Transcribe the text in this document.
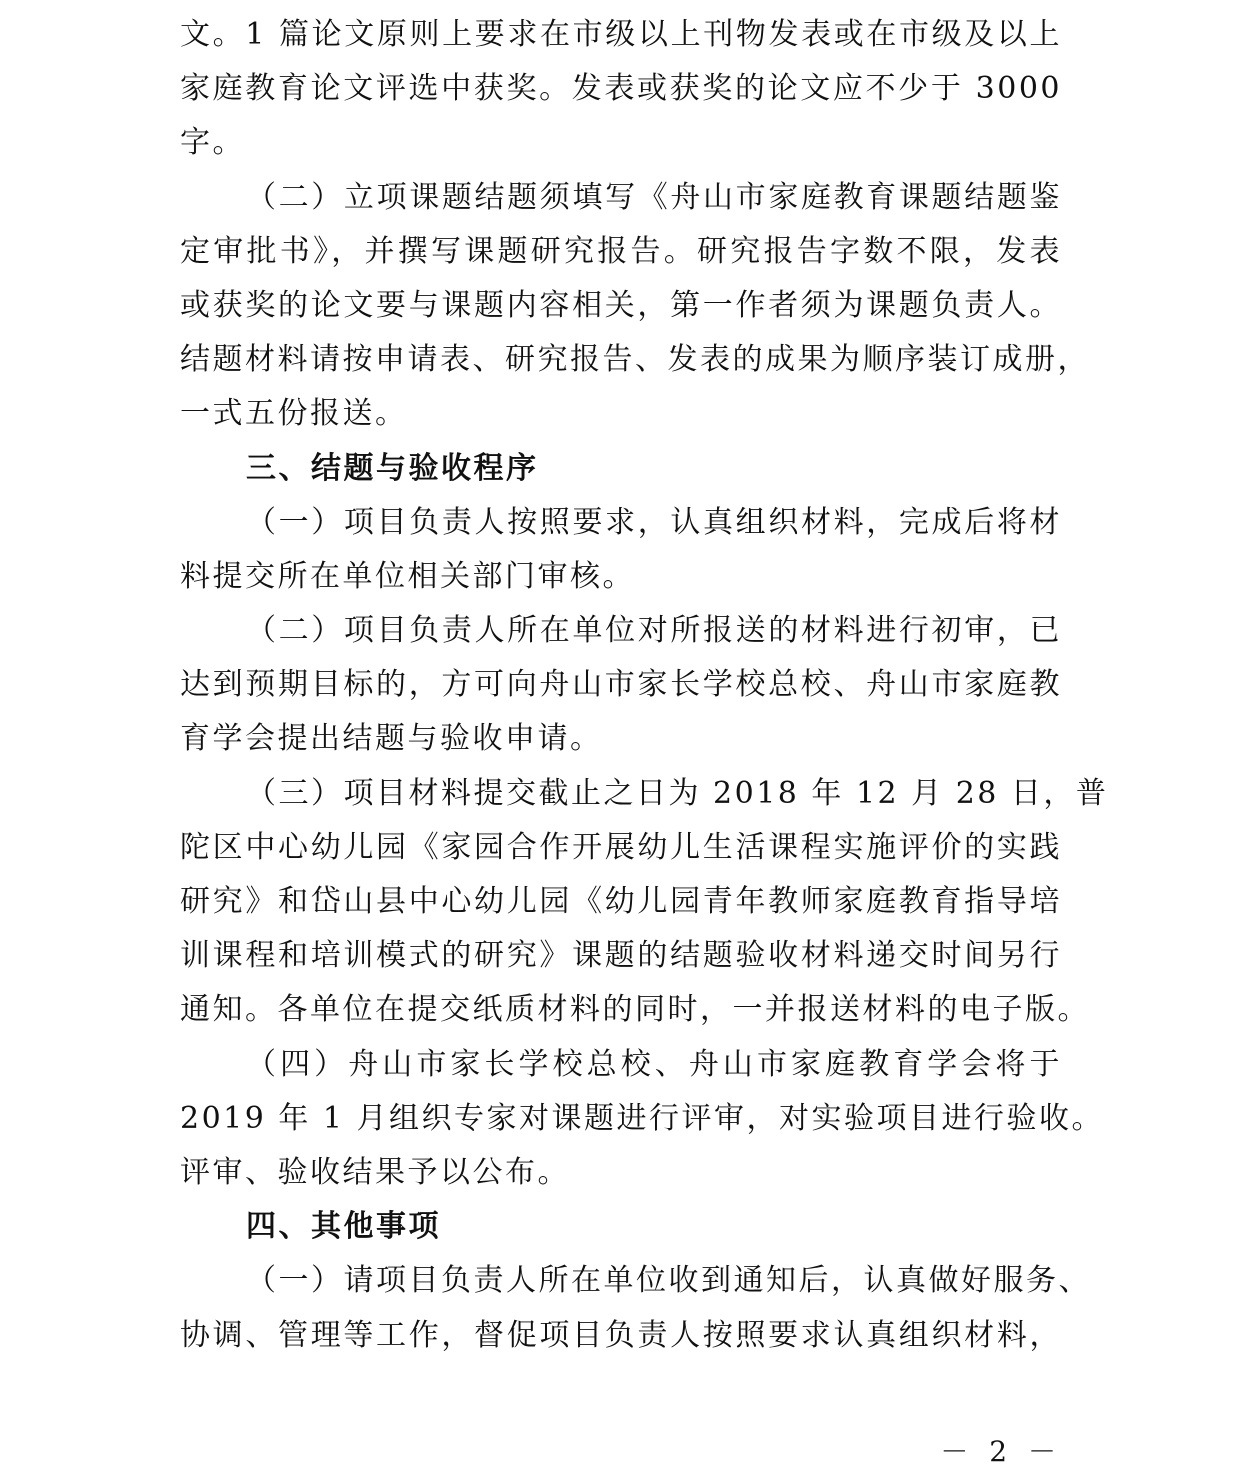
文。1 篇论文原则上要求在市级以上刊物发表或在市级及以上
家庭教育论文评选中获奖。发表或获奖的论文应不少于 3000
字。
（二）立项课题结题须填写《舟山市家庭教育课题结题鉴
定审批书》，并撰写课题研究报告。研究报告字数不限，发表
或获奖的论文要与课题内容相关，第一作者须为课题负责人。
结题材料请按申请表、研究报告、发表的成果为顺序装订成册，
一式五份报送。
三、结题与验收程序
（一）项目负责人按照要求，认真组织材料，完成后将材
料提交所在单位相关部门审核。
（二）项目负责人所在单位对所报送的材料进行初审，已
达到预期目标的，方可向舟山市家长学校总校、舟山市家庭教
育学会提出结题与验收申请。
（三）项目材料提交截止之日为 2018 年 12 月 28 日，普
陀区中心幼儿园《家园合作开展幼儿生活课程实施评价的实践
研究》和岱山县中心幼儿园《幼儿园青年教师家庭教育指导培
训课程和培训模式的研究》课题的结题验收材料递交时间另行
通知。各单位在提交纸质材料的同时，一并报送材料的电子版。
（四）舟山市家长学校总校、舟山市家庭教育学会将于
2019 年 1 月组织专家对课题进行评审，对实验项目进行验收。
评审、验收结果予以公布。
四、其他事项
（一）请项目负责人所在单位收到通知后，认真做好服务、
协调、管理等工作，督促项目负责人按照要求认真组织材料，
－ 2 －
